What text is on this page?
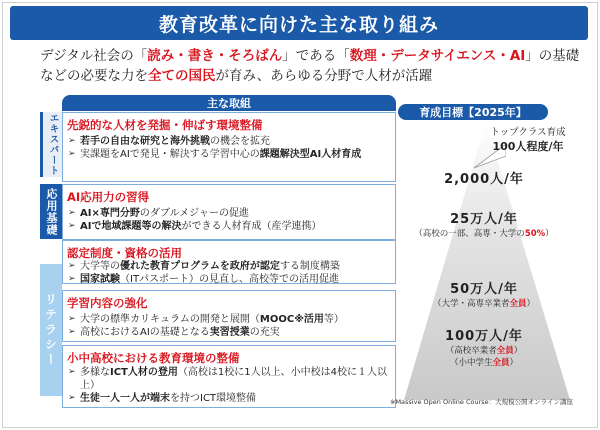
教育改革に向けた主な取り組み
デジタル社会の「読み・書き・そろばん」である「数理・データサイエンス・AI」の基礎などの必要な力を全ての国民が育み、あらゆる分野で人材が活躍
主な取組
育成目標【2025年】
エキスパート
応用基礎
リテラシー
先鋭的な人材を発掘・伸ばす環境整備
➢ 若手の自由な研究と海外挑戦の機会を拡充
➢ 実課題をAIで発見・解決する学習中心の課題解決型AI人材育成
AI応用力の習得
➢ AI×専門分野のダブルメジャーの促進
➢ AIで地域課題等の解決ができる人材育成（産学連携）
認定制度・資格の活用
➢ 大学等の優れた教育プログラムを政府が認定する制度構築
➢ 国家試験（ITパスポート）の見直し、高校等での活用促進
学習内容の強化
➢ 大学の標準カリキュラムの開発と展開（MOOC※活用等）
➢ 高校におけるAIの基礎となる実習授業の充実
小中高校における教育環境の整備
➢ 多様なICT人材の登用（高校は1校に1人以上、小中校は4校に１人以上）
➢ 生徒一人一人が端末を持つICT環境整備
トップクラス育成
100人程度/年
2,000人/年
25万人/年
（高校の一部、高専・大学の50%）
50万人/年
（大学・高専卒業者全員）
100万人/年
（高校卒業者全員）
（小中学生全員）
※Massive Open Online Course：大規模公開オンライン講座
